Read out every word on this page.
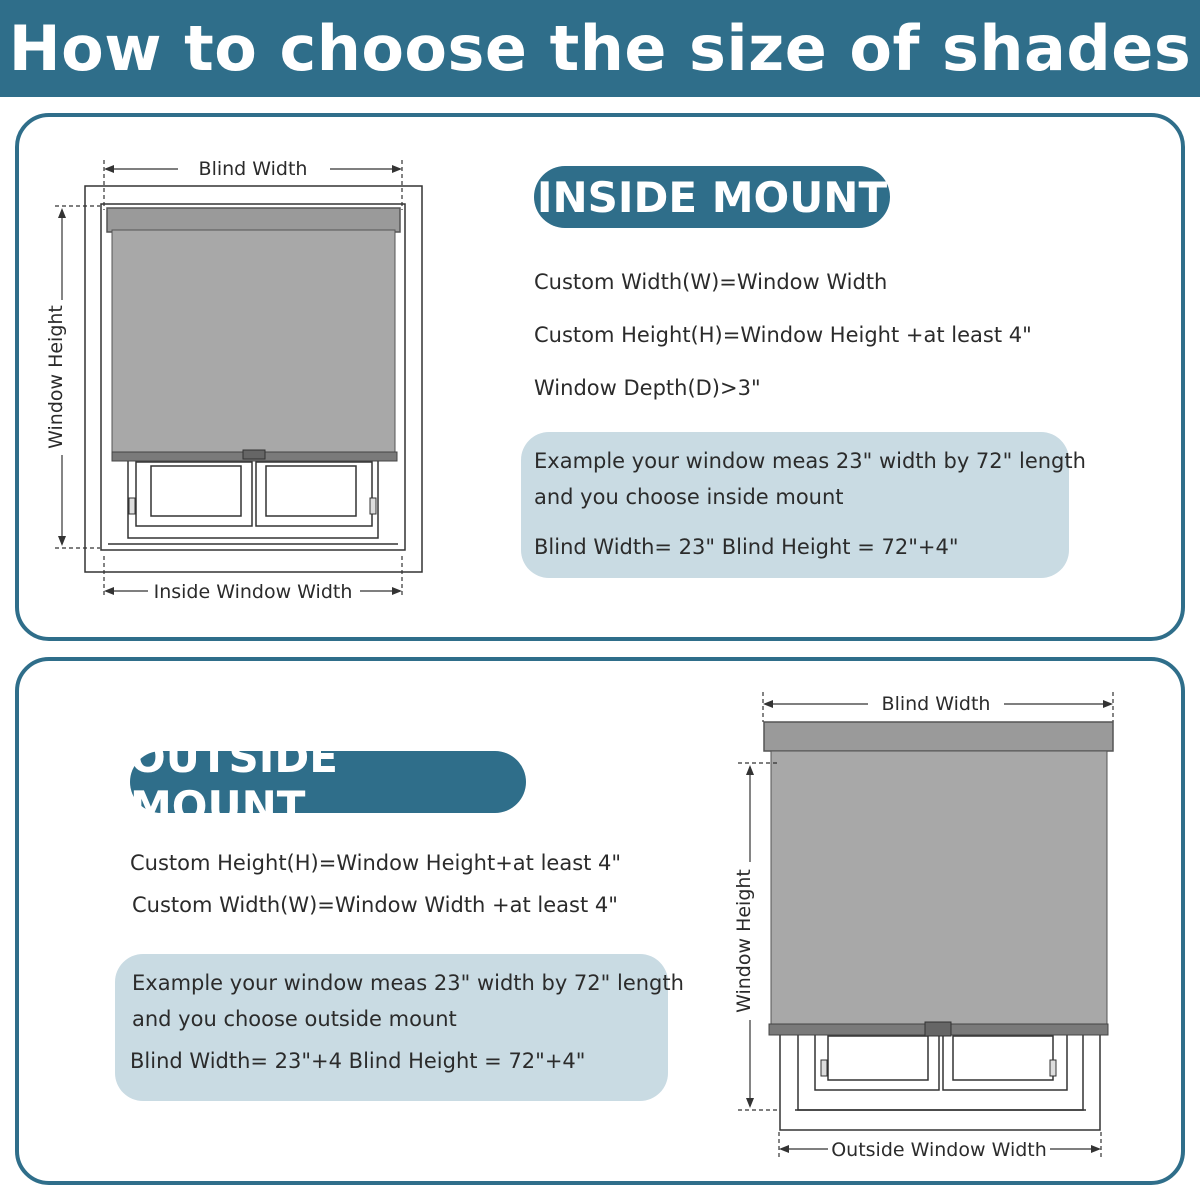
How to choose the size of shades
Blind Width
Window Height
Inside Window Width
INSIDE MOUNT
Custom Width(W)=Window Width
Custom Height(H)=Window Height +at least 4"
Window Depth(D)>3"
Example your window meas 23" width by 72" length
and you choose inside mount
Blind Width= 23" Blind Height = 72"+4"
OUTSIDE MOUNT
Custom Height(H)=Window Height+at least 4"
Custom Width(W)=Window Width +at least 4"
Example your window meas 23" width by 72" length
and you choose outside mount
Blind Width= 23"+4 Blind Height = 72"+4"
Blind Width
Window Height
Outside Window Width
